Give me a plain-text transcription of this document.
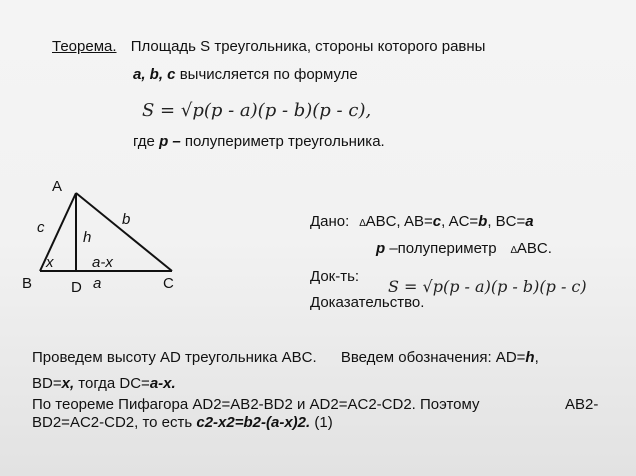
Теорема. Площадь S треугольника, стороны которого равны
a, b, c вычисляется по формуле
S = √p(p - a)(p - b)(p - c),
где p – полупериметр треугольника.
A
B	C
D
c	b
h
x	a-x
a
Дано: ∆ABC, AB=c, AC=b, BC=a
p –полупериметр ∆ABC.
Док-ть:
S = √p(p - a)(p - b)(p - c)
Доказательство.
Проведем высоту AD треугольника ABC. Введем обозначения: AD=h,
BD=x, тогда DC=a-x.
По теореме Пифагора AD2=AB2-BD2 и AD2=AC2-CD2. Поэтому	AB2-
BD2=AC2-CD2, то есть c2-x2=b2-(a-x)2. (1)
